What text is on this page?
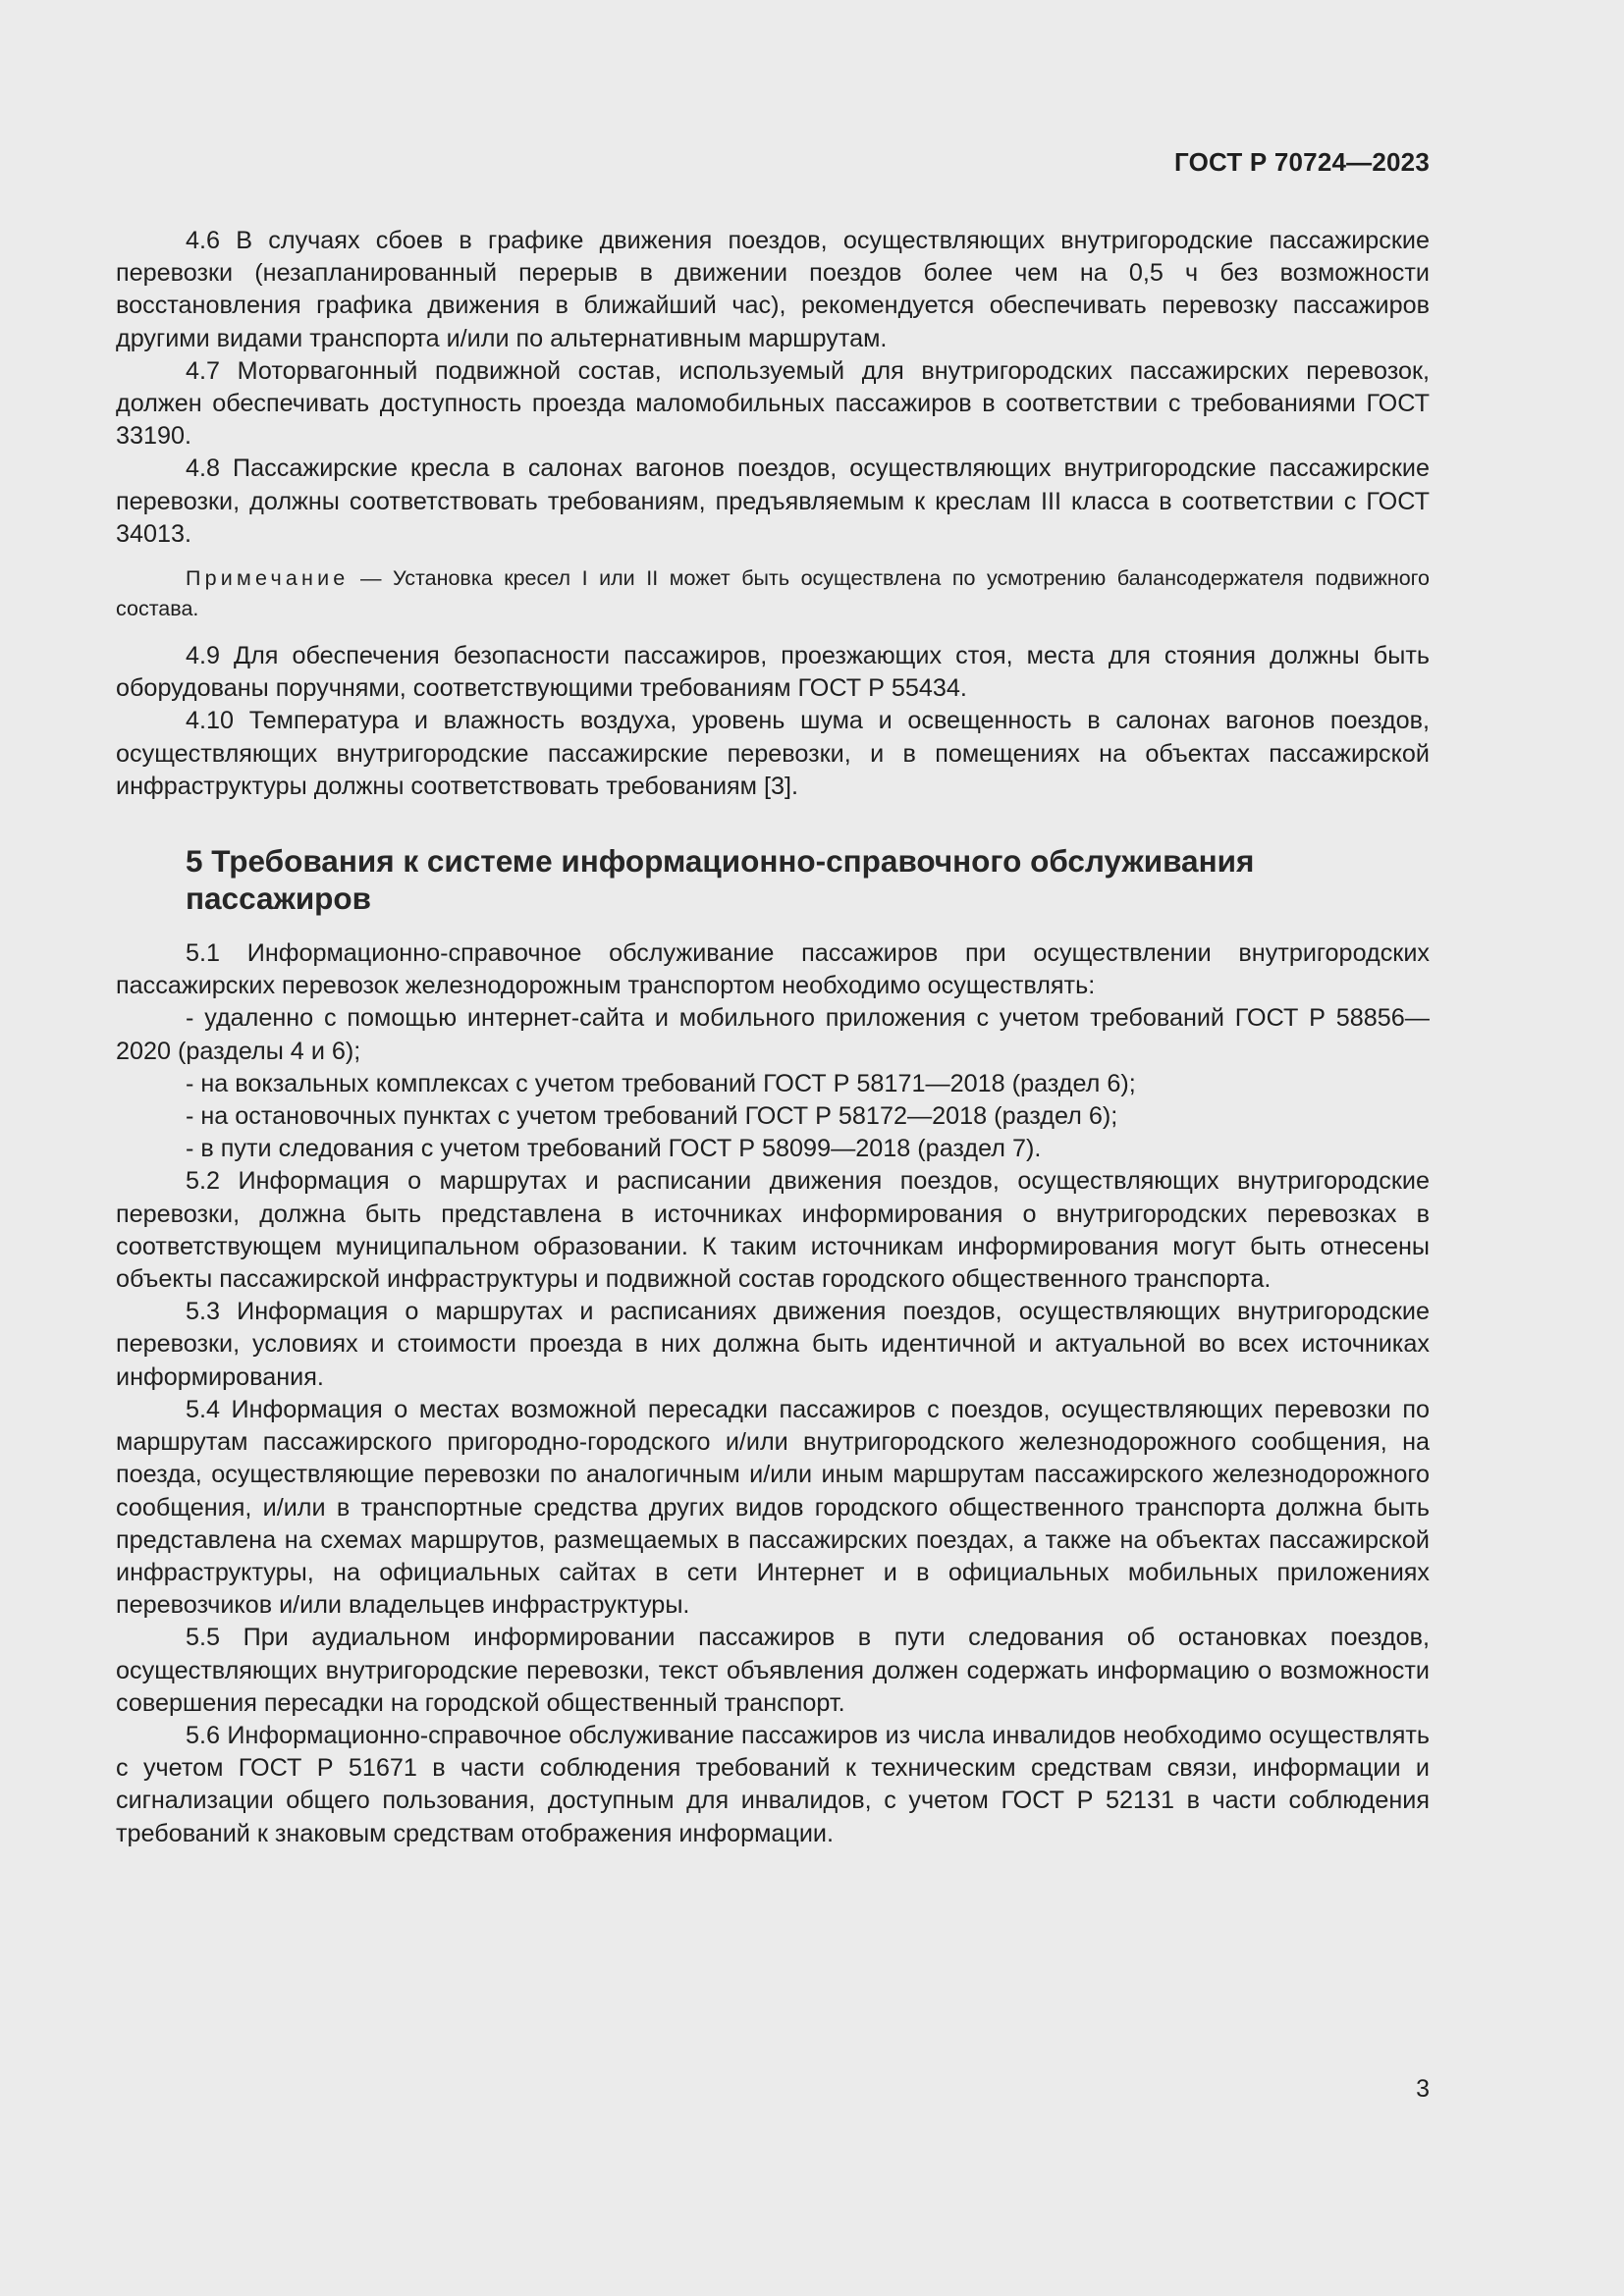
ГОСТ Р 70724—2023

4.6 В случаях сбоев в графике движения поездов, осуществляющих внутригородские пассажирские перевозки (незапланированный перерыв в движении поездов более чем на 0,5 ч без возможности восстановления графика движения в ближайший час), рекомендуется обеспечивать перевозку пассажиров другими видами транспорта и/или по альтернативным маршрутам.

4.7 Моторвагонный подвижной состав, используемый для внутригородских пассажирских перевозок, должен обеспечивать доступность проезда маломобильных пассажиров в соответствии с требованиями ГОСТ 33190.

4.8 Пассажирские кресла в салонах вагонов поездов, осуществляющих внутригородские пассажирские перевозки, должны соответствовать требованиям, предъявляемым к креслам III класса в соответствии с ГОСТ 34013.

Примечание — Установка кресел I или II может быть осуществлена по усмотрению балансодержателя подвижного состава.

4.9 Для обеспечения безопасности пассажиров, проезжающих стоя, места для стояния должны быть оборудованы поручнями, соответствующими требованиям ГОСТ Р 55434.

4.10 Температура и влажность воздуха, уровень шума и освещенность в салонах вагонов поездов, осуществляющих внутригородские пассажирские перевозки, и в помещениях на объектах пассажирской инфраструктуры должны соответствовать требованиям [3].

5 Требования к системе информационно-справочного обслуживания
пассажиров

5.1 Информационно-справочное обслуживание пассажиров при осуществлении внутригородских пассажирских перевозок железнодорожным транспортом необходимо осуществлять:

- удаленно с помощью интернет-сайта и мобильного приложения с учетом требований ГОСТ Р 58856—2020 (разделы 4 и 6);
- на вокзальных комплексах с учетом требований ГОСТ Р 58171—2018 (раздел 6);
- на остановочных пунктах с учетом требований ГОСТ Р 58172—2018 (раздел 6);
- в пути следования с учетом требований ГОСТ Р 58099—2018 (раздел 7).

5.2 Информация о маршрутах и расписании движения поездов, осуществляющих внутригородские перевозки, должна быть представлена в источниках информирования о внутригородских перевозках в соответствующем муниципальном образовании. К таким источникам информирования могут быть отнесены объекты пассажирской инфраструктуры и подвижной состав городского общественного транспорта.

5.3 Информация о маршрутах и расписаниях движения поездов, осуществляющих внутригородские перевозки, условиях и стоимости проезда в них должна быть идентичной и актуальной во всех источниках информирования.

5.4 Информация о местах возможной пересадки пассажиров с поездов, осуществляющих перевозки по маршрутам пассажирского пригородно-городского и/или внутригородского железнодорожного сообщения, на поезда, осуществляющие перевозки по аналогичным и/или иным маршрутам пассажирского железнодорожного сообщения, и/или в транспортные средства других видов городского общественного транспорта должна быть представлена на схемах маршрутов, размещаемых в пассажирских поездах, а также на объектах пассажирской инфраструктуры, на официальных сайтах в сети Интернет и в официальных мобильных приложениях перевозчиков и/или владельцев инфраструктуры.

5.5 При аудиальном информировании пассажиров в пути следования об остановках поездов, осуществляющих внутригородские перевозки, текст объявления должен содержать информацию о возможности совершения пересадки на городской общественный транспорт.

5.6 Информационно-справочное обслуживание пассажиров из числа инвалидов необходимо осуществлять с учетом ГОСТ Р 51671 в части соблюдения требований к техническим средствам связи, информации и сигнализации общего пользования, доступным для инвалидов, с учетом ГОСТ Р 52131 в части соблюдения требований к знаковым средствам отображения информации.

3
